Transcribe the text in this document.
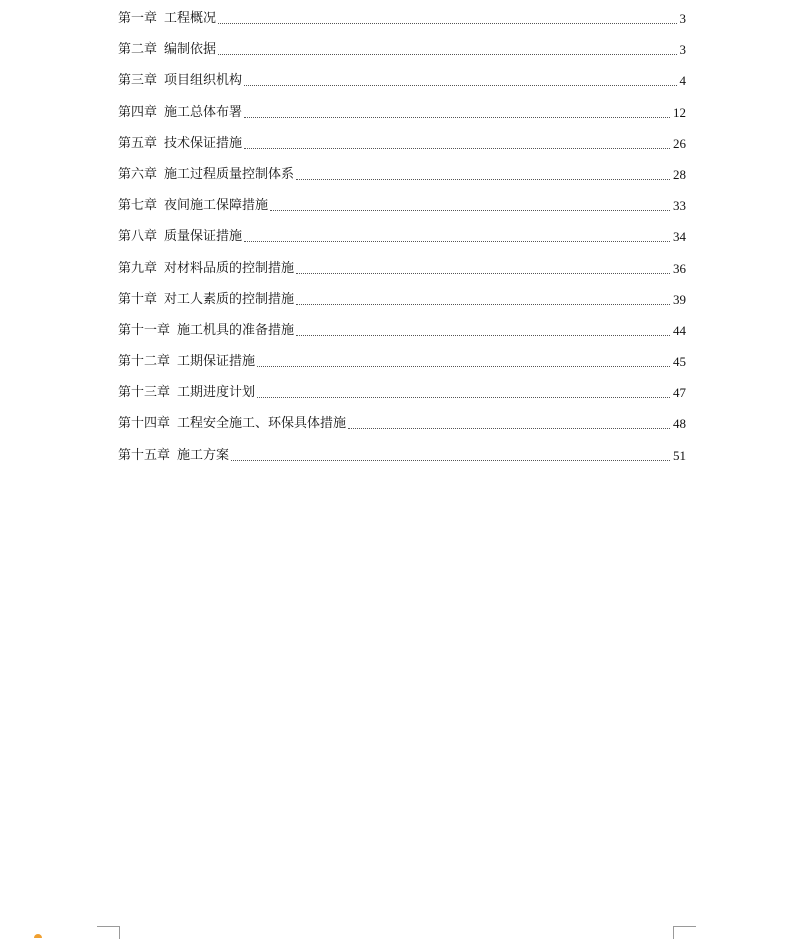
第一章 工程概况	3
第二章 编制依据	3
第三章 项目组织机构	4
第四章 施工总体布署	12
第五章 技术保证措施	26
第六章 施工过程质量控制体系	28
第七章 夜间施工保障措施	33
第八章 质量保证措施	34
第九章 对材料品质的控制措施	36
第十章 对工人素质的控制措施	39
第十一章 施工机具的准备措施	44
第十二章 工期保证措施	45
第十三章 工期进度计划	47
第十四章 工程安全施工、环保具体措施	48
第十五章 施工方案	51
